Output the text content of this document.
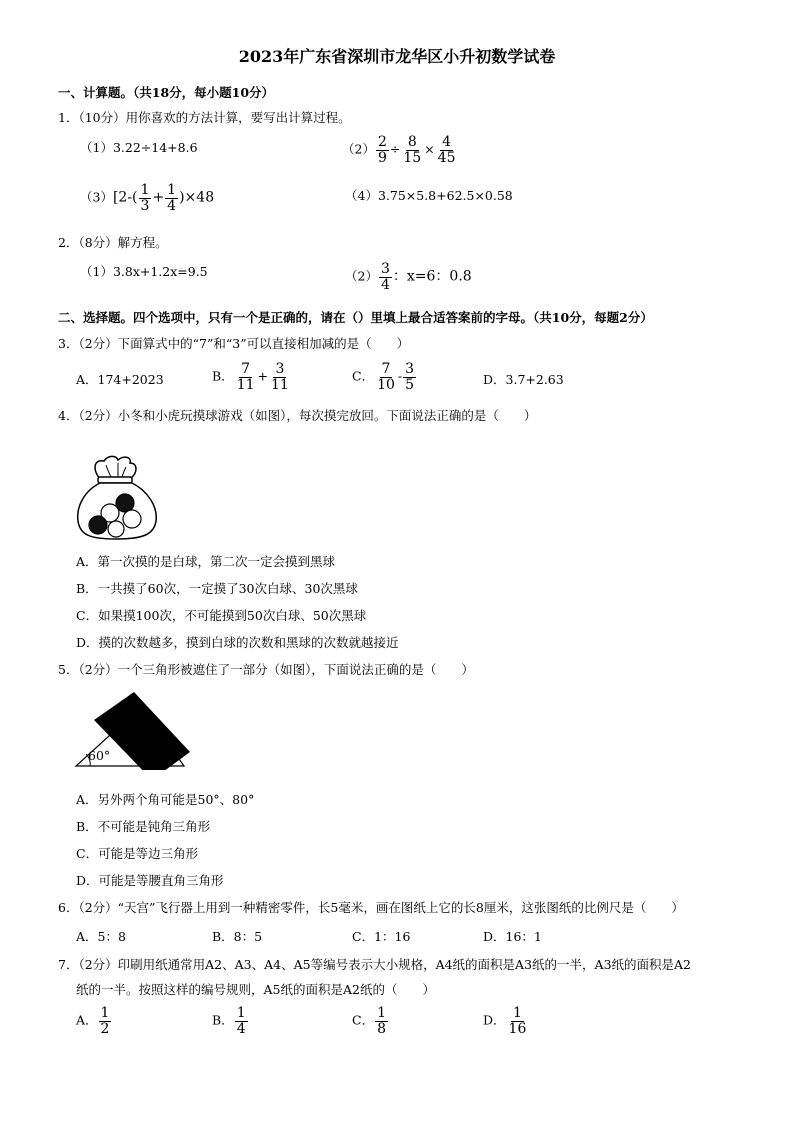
2023年广东省深圳市龙华区小升初数学试卷
一、计算题。（共18分，每小题10分）
1．（10分）用你喜欢的方法计算，要写出计算过程。
（1）3.22÷14+8.6	$(2) \frac{2}{9} \div \frac{8}{15} \times \frac{4}{45}$
$(3)[2-( \frac{1}{3} + \frac{1}{4} )\times 48$	（4）3.75×5.8+62.5×0.58
2．（8分）解方程。
（1）3.8x+1.2x=9.5	$(2) \frac{3}{4}$ ：x=6：0.8
二、选择题。四个选项中，只有一个是正确的，请在（）里填上最合适答案前的字母。（共10分，每题2分）
3．（2分）下面算式中的“7”和“3”可以直接相加减的是（　　）
A．174+2023	B． $\frac{7}{11} + \frac{3}{11}$	C． $\frac{7}{10} - \frac{3}{5}$	D．3.7+2.63
4．（2分）小冬和小虎玩摸球游戏（如图），每次摸完放回。下面说法正确的是（　　）
A．第一次摸的是白球，第二次一定会摸到黑球
B．一共摸了60次，一定摸了30次白球、30次黑球
C．如果摸100次，不可能摸到50次白球、50次黑球
D．摸的次数越多，摸到白球的次数和黑球的次数就越接近
5．（2分）一个三角形被遮住了一部分（如图），下面说法正确的是（　　）
60°
A．另外两个角可能是50°、80°
B．不可能是钝角三角形
C．可能是等边三角形
D．可能是等腰直角三角形
6．（2分）“天宫”飞行器上用到一种精密零件，长5毫米，画在图纸上它的长8厘米，这张图纸的比例尺是（　　）
A．5：8	B．8：5	C．1：16	D．16：1
7．（2分）印刷用纸通常用A2、A3、A4、A5等编号表示大小规格，A4纸的面积是A3纸的一半，A3纸的面积是A2
纸的一半。按照这样的编号规则，A5纸的面积是A2纸的（　　）
A． $\frac{1}{2}$	B． $\frac{1}{4}$	C． $\frac{1}{8}$	D． $\frac{1}{16}$
